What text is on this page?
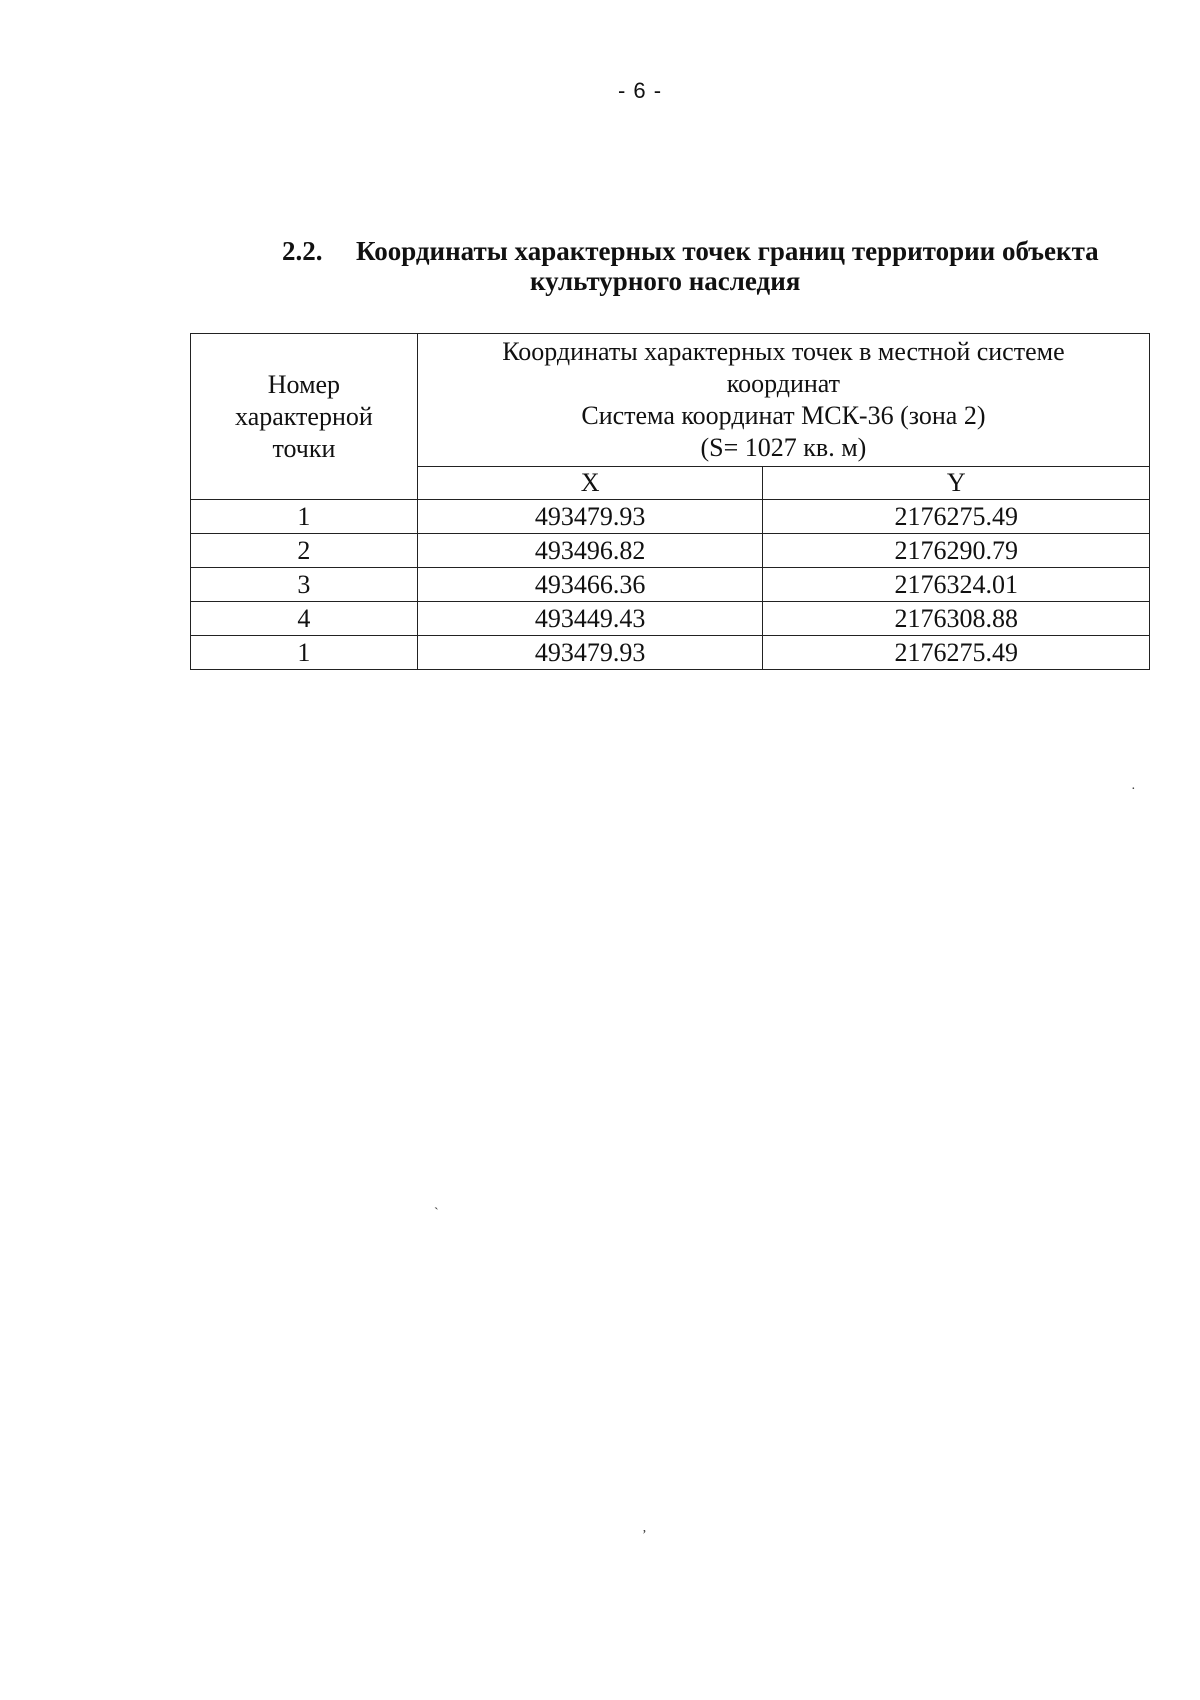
- 6 -
2.2. Координаты характерных точек границ территории объекта
культурного наследия
Номер
характерной
точки	Координаты характерных точек в местной системе
координат
Система координат МСК-36 (зона 2)
(S= 1027 кв. м)	

	X	Y
1	493479.93	2176275.49
2	493496.82	2176290.79
3	493466.36	2176324.01
4	493449.43	2176308.88
1	493479.93	2176275.49
·
`
’
